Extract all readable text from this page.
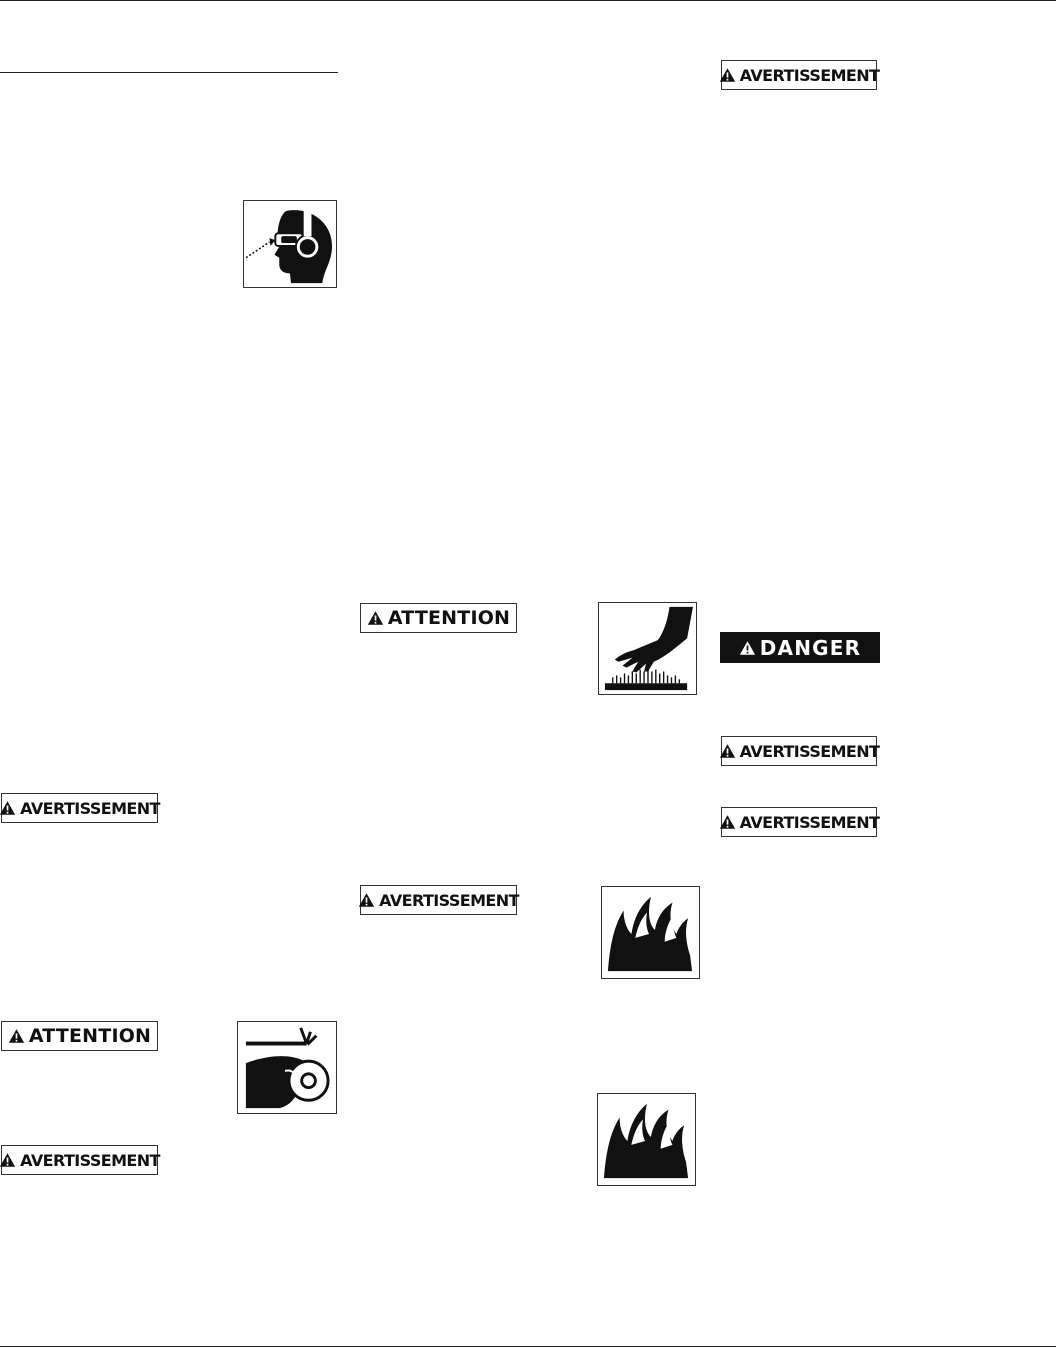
AVERTISSEMENT
ATTENTION
AVERTISSEMENT
ATTENTION
AVERTISSEMENT
AVERTISSEMENT
DANGER
AVERTISSEMENT
AVERTISSEMENT
